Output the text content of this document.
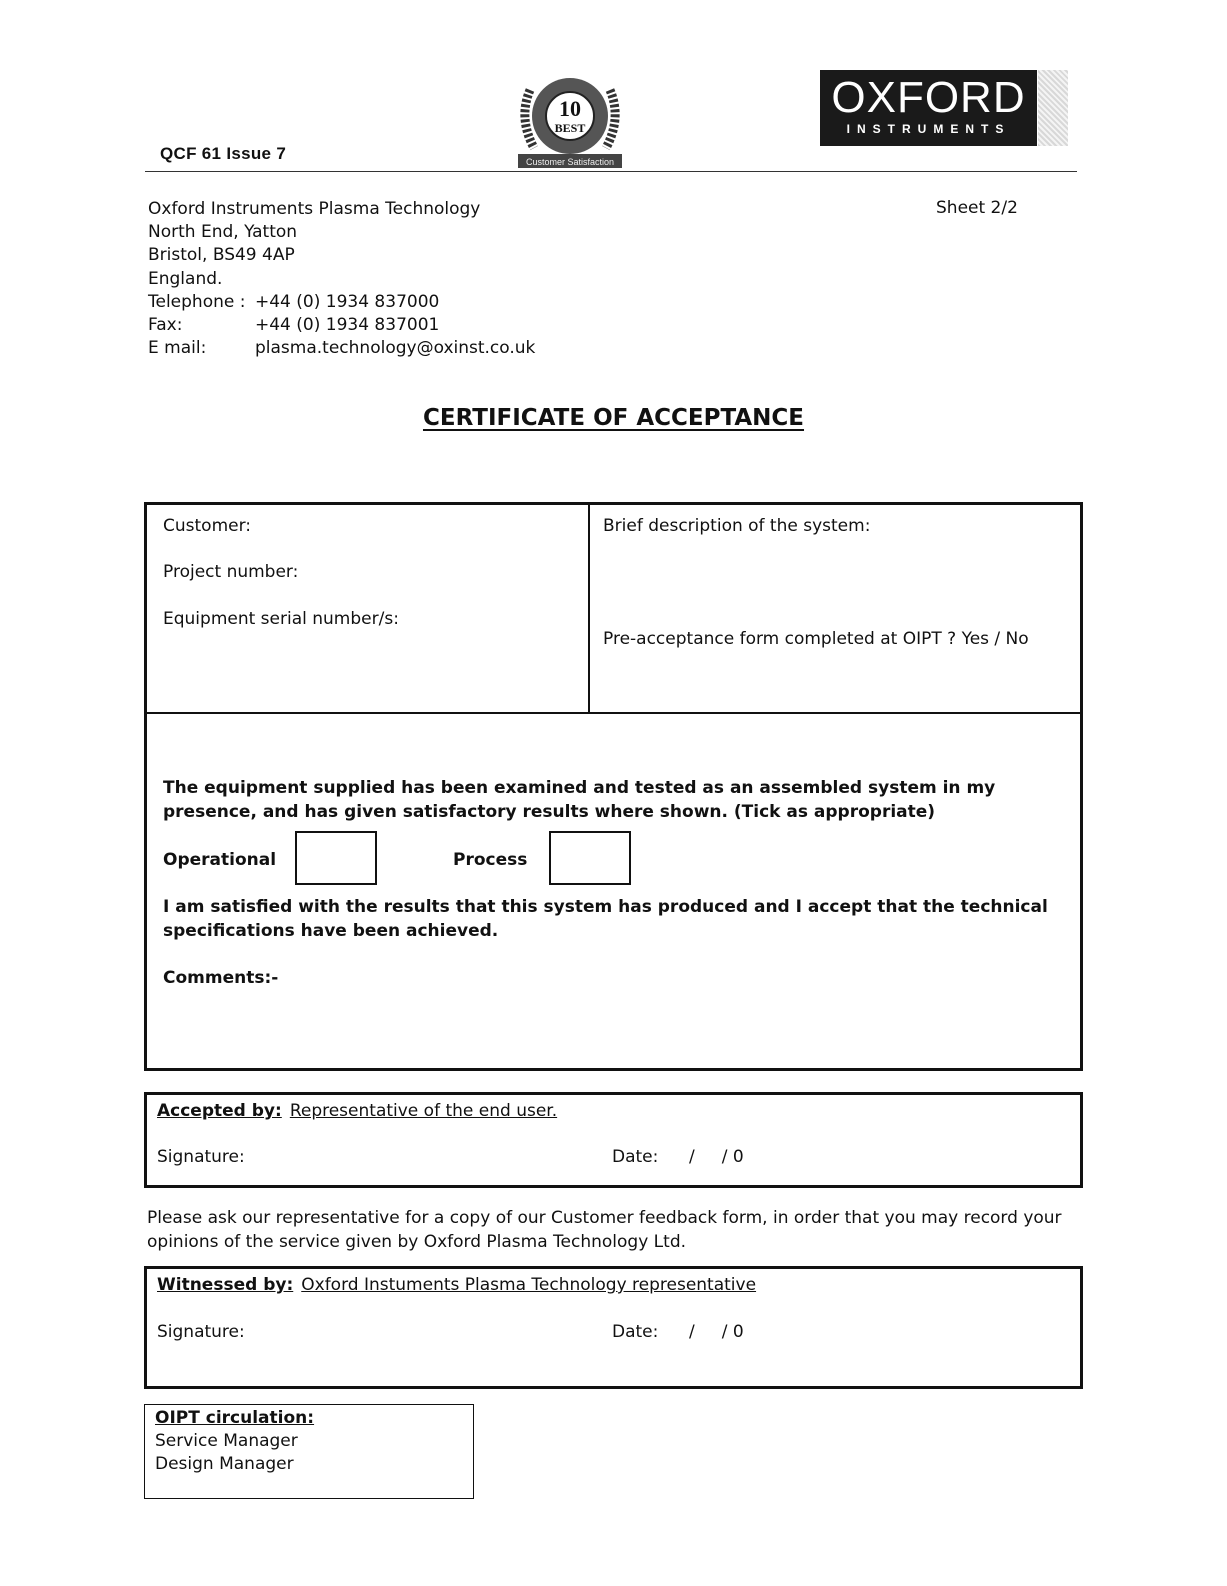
QCF 61 Issue 7
10
BEST
Customer Satisfaction
OXFORD
INSTRUMENTS
Oxford Instruments Plasma Technology
North End, Yatton
Bristol, BS49 4AP
England.
Telephone : +44 (0) 1934 837000
Fax:	+44 (0) 1934 837001
E mail:	plasma.technology@oxinst.co.uk
Sheet 2/2
CERTIFICATE OF ACCEPTANCE
Customer:
Project number:
Equipment serial number/s:
Brief description of the system:
Pre-acceptance form completed at OIPT ? Yes / No
The equipment supplied has been examined and tested as an assembled system in my presence, and has given satisfactory results where shown. (Tick as appropriate)
Operational	Process
I am satisfied with the results that this system has produced and I accept that the technical specifications have been achieved.
Comments:-
Accepted by: Representative of the end user.
Signature:	Date: /     / 0
Please ask our representative for a copy of our Customer feedback form, in order that you may record your opinions of the service given by Oxford Plasma Technology Ltd.
Witnessed by: Oxford Instuments Plasma Technology representative
Signature:	Date: /     / 0
OIPT circulation:
Service Manager
Design Manager
